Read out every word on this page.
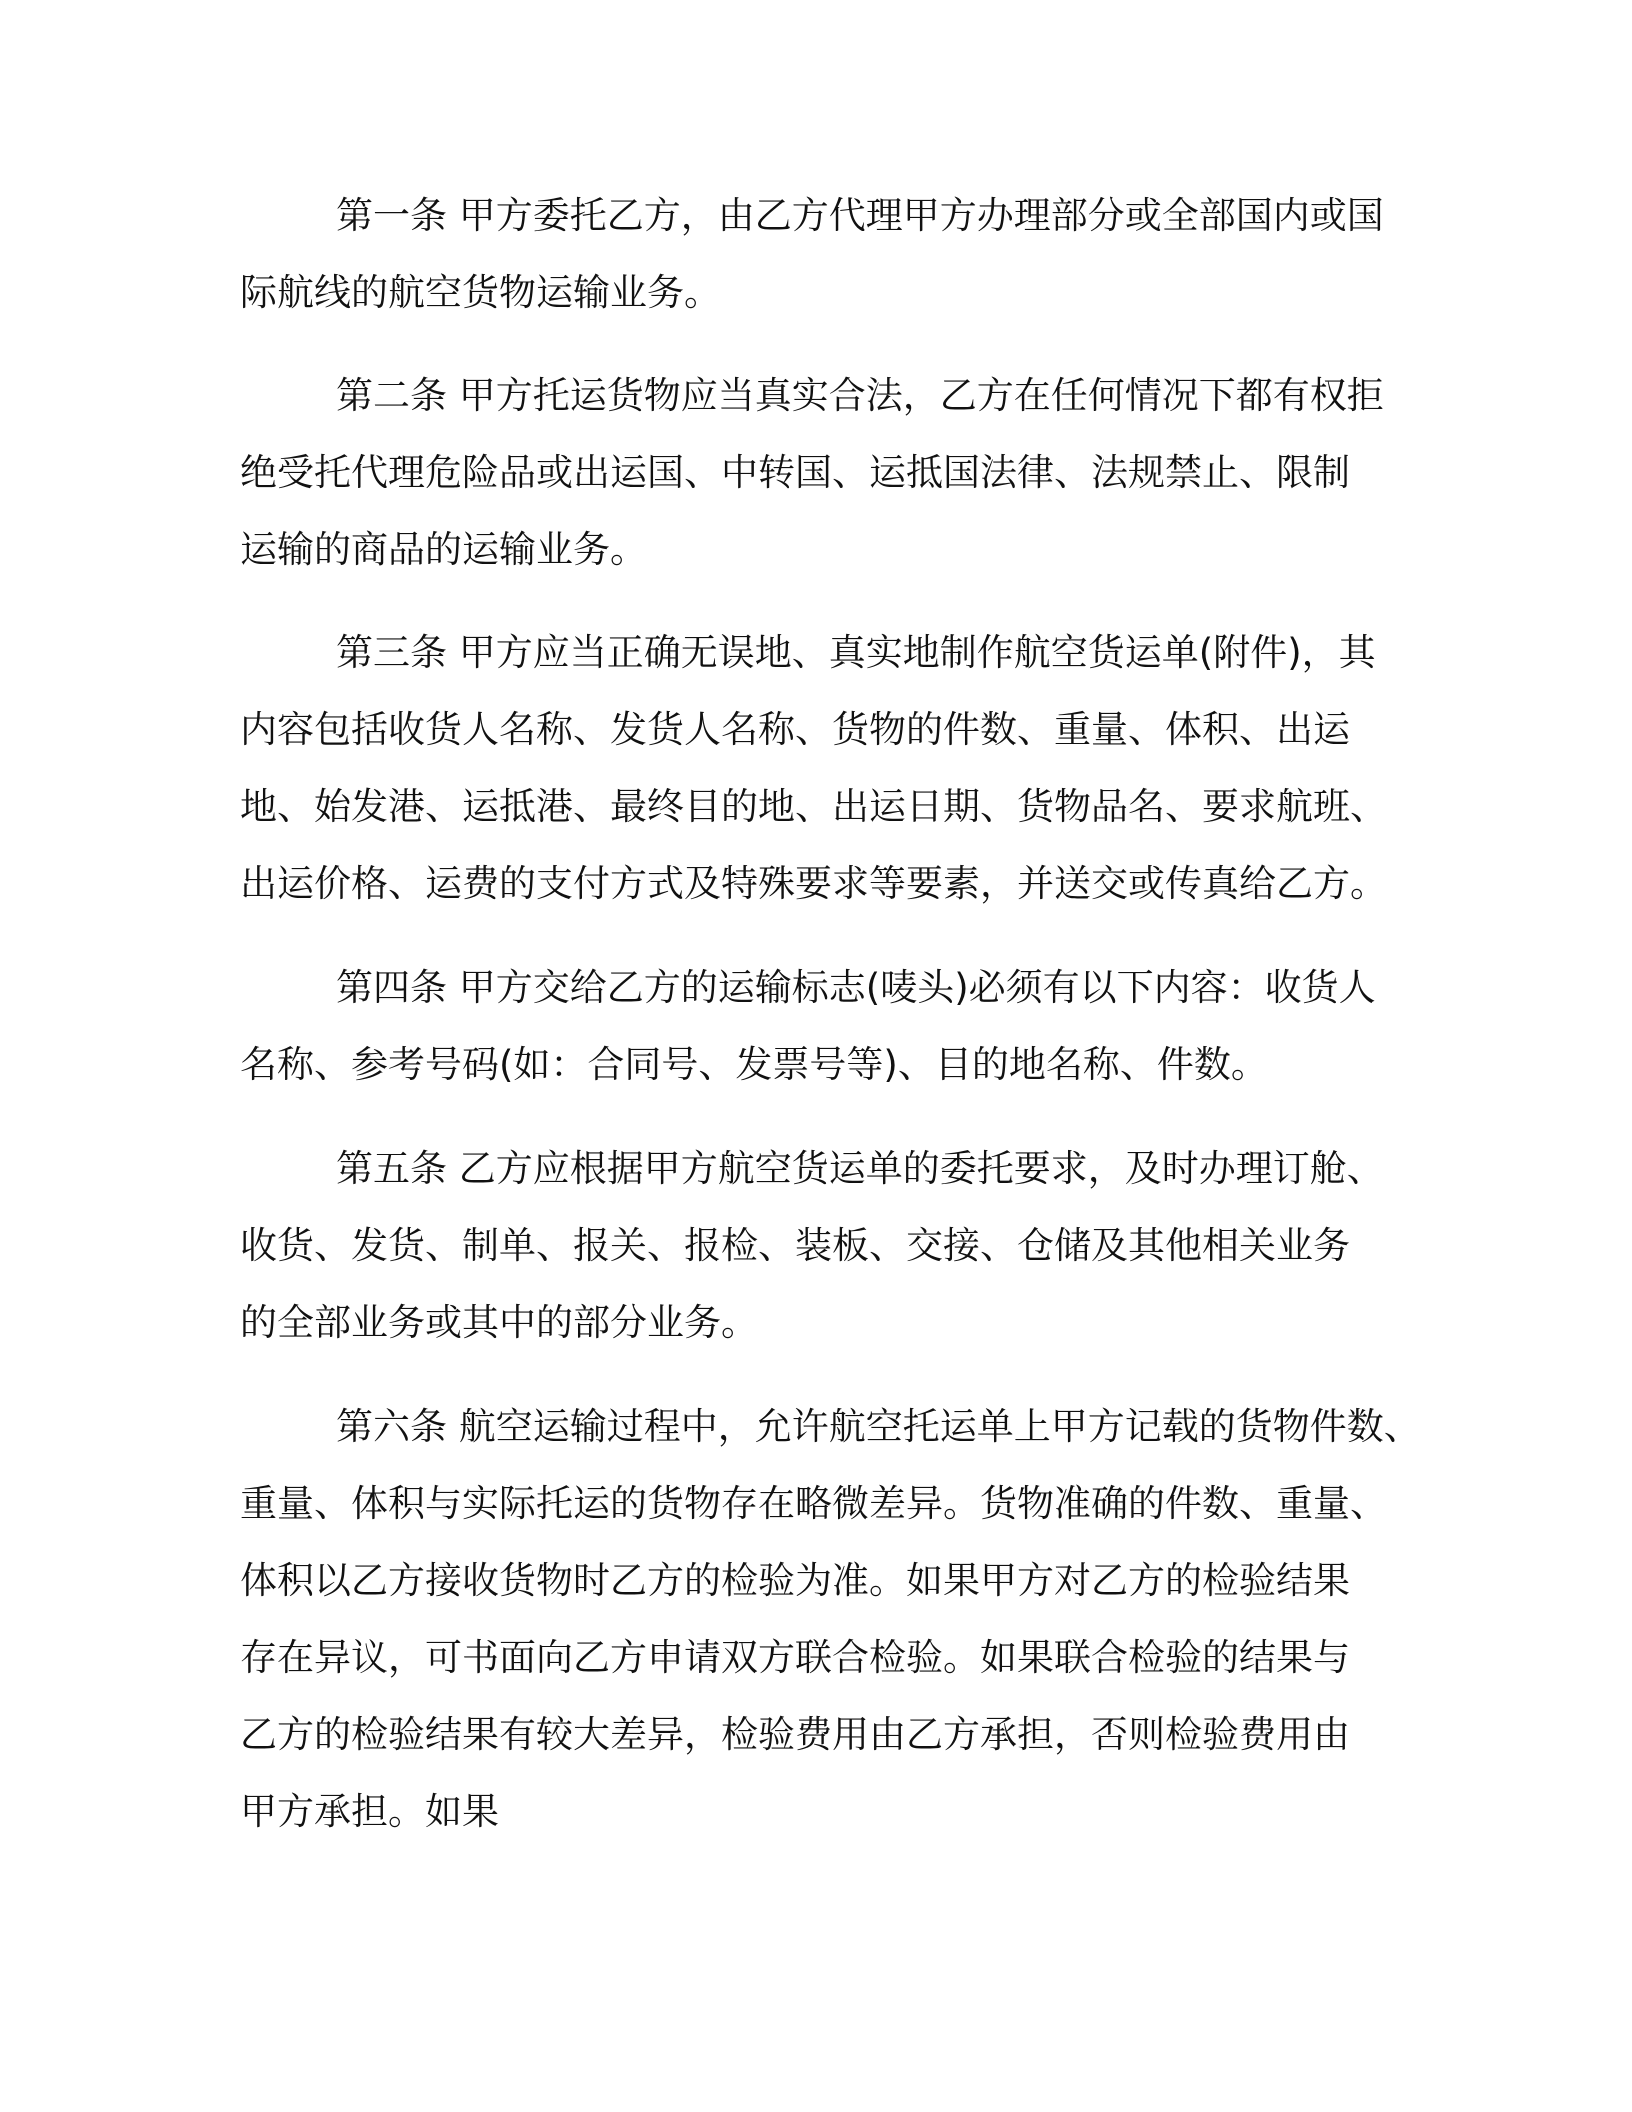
第一条 甲方委托乙方，由乙方代理甲方办理部分或全部国内或国
际航线的航空货物运输业务。

第二条 甲方托运货物应当真实合法，乙方在任何情况下都有权拒
绝受托代理危险品或出运国、中转国、运抵国法律、法规禁止、限制
运输的商品的运输业务。

第三条 甲方应当正确无误地、真实地制作航空货运单(附件)，其
内容包括收货人名称、发货人名称、货物的件数、重量、体积、出运
地、始发港、运抵港、最终目的地、出运日期、货物品名、要求航班、
出运价格、运费的支付方式及特殊要求等要素，并送交或传真给乙方。

第四条 甲方交给乙方的运输标志(唛头)必须有以下内容：收货人
名称、参考号码(如：合同号、发票号等)、目的地名称、件数。

第五条 乙方应根据甲方航空货运单的委托要求，及时办理订舱、
收货、发货、制单、报关、报检、装板、交接、仓储及其他相关业务
的全部业务或其中的部分业务。

第六条 航空运输过程中，允许航空托运单上甲方记载的货物件数、
重量、体积与实际托运的货物存在略微差异。货物准确的件数、重量、
体积以乙方接收货物时乙方的检验为准。如果甲方对乙方的检验结果
存在异议，可书面向乙方申请双方联合检验。如果联合检验的结果与
乙方的检验结果有较大差异，检验费用由乙方承担，否则检验费用由
甲方承担。如果
